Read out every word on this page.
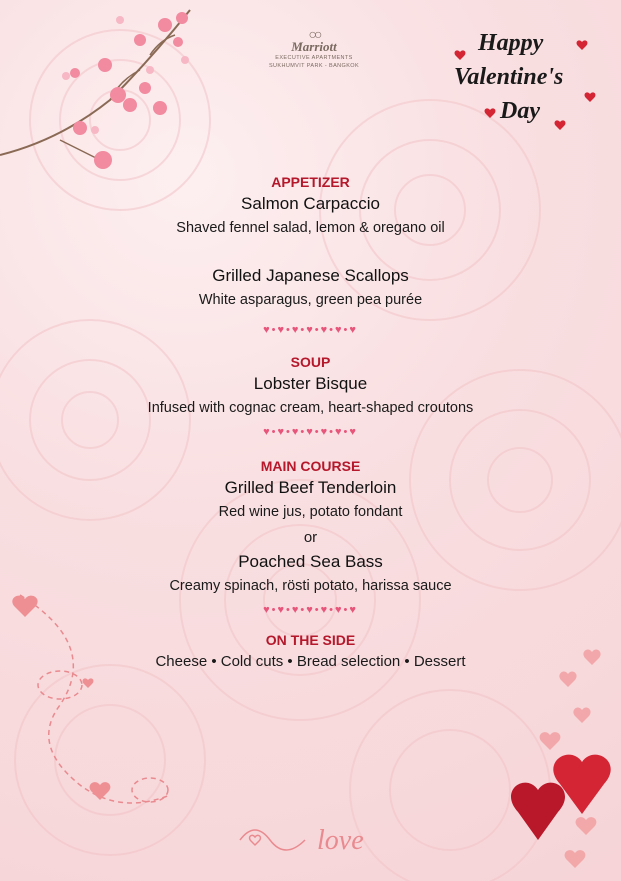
○○
Marriott
EXECUTIVE APARTMENTS
SUKHUMVIT PARK - BANGKOK
Happy
Valentine's
Day
APPETIZER
Salmon Carpaccio
Shaved fennel salad, lemon & oregano oil
Grilled Japanese Scallops
White asparagus, green pea purée
♥•♥•♥•♥•♥•♥•♥
SOUP
Lobster Bisque
Infused with cognac cream, heart-shaped croutons
♥•♥•♥•♥•♥•♥•♥
MAIN COURSE
Grilled Beef Tenderloin
Red wine jus, potato fondant
or
Poached Sea Bass
Creamy spinach, rösti potato, harissa sauce
♥•♥•♥•♥•♥•♥•♥
ON THE SIDE
Cheese • Cold cuts • Bread selection • Dessert
love
